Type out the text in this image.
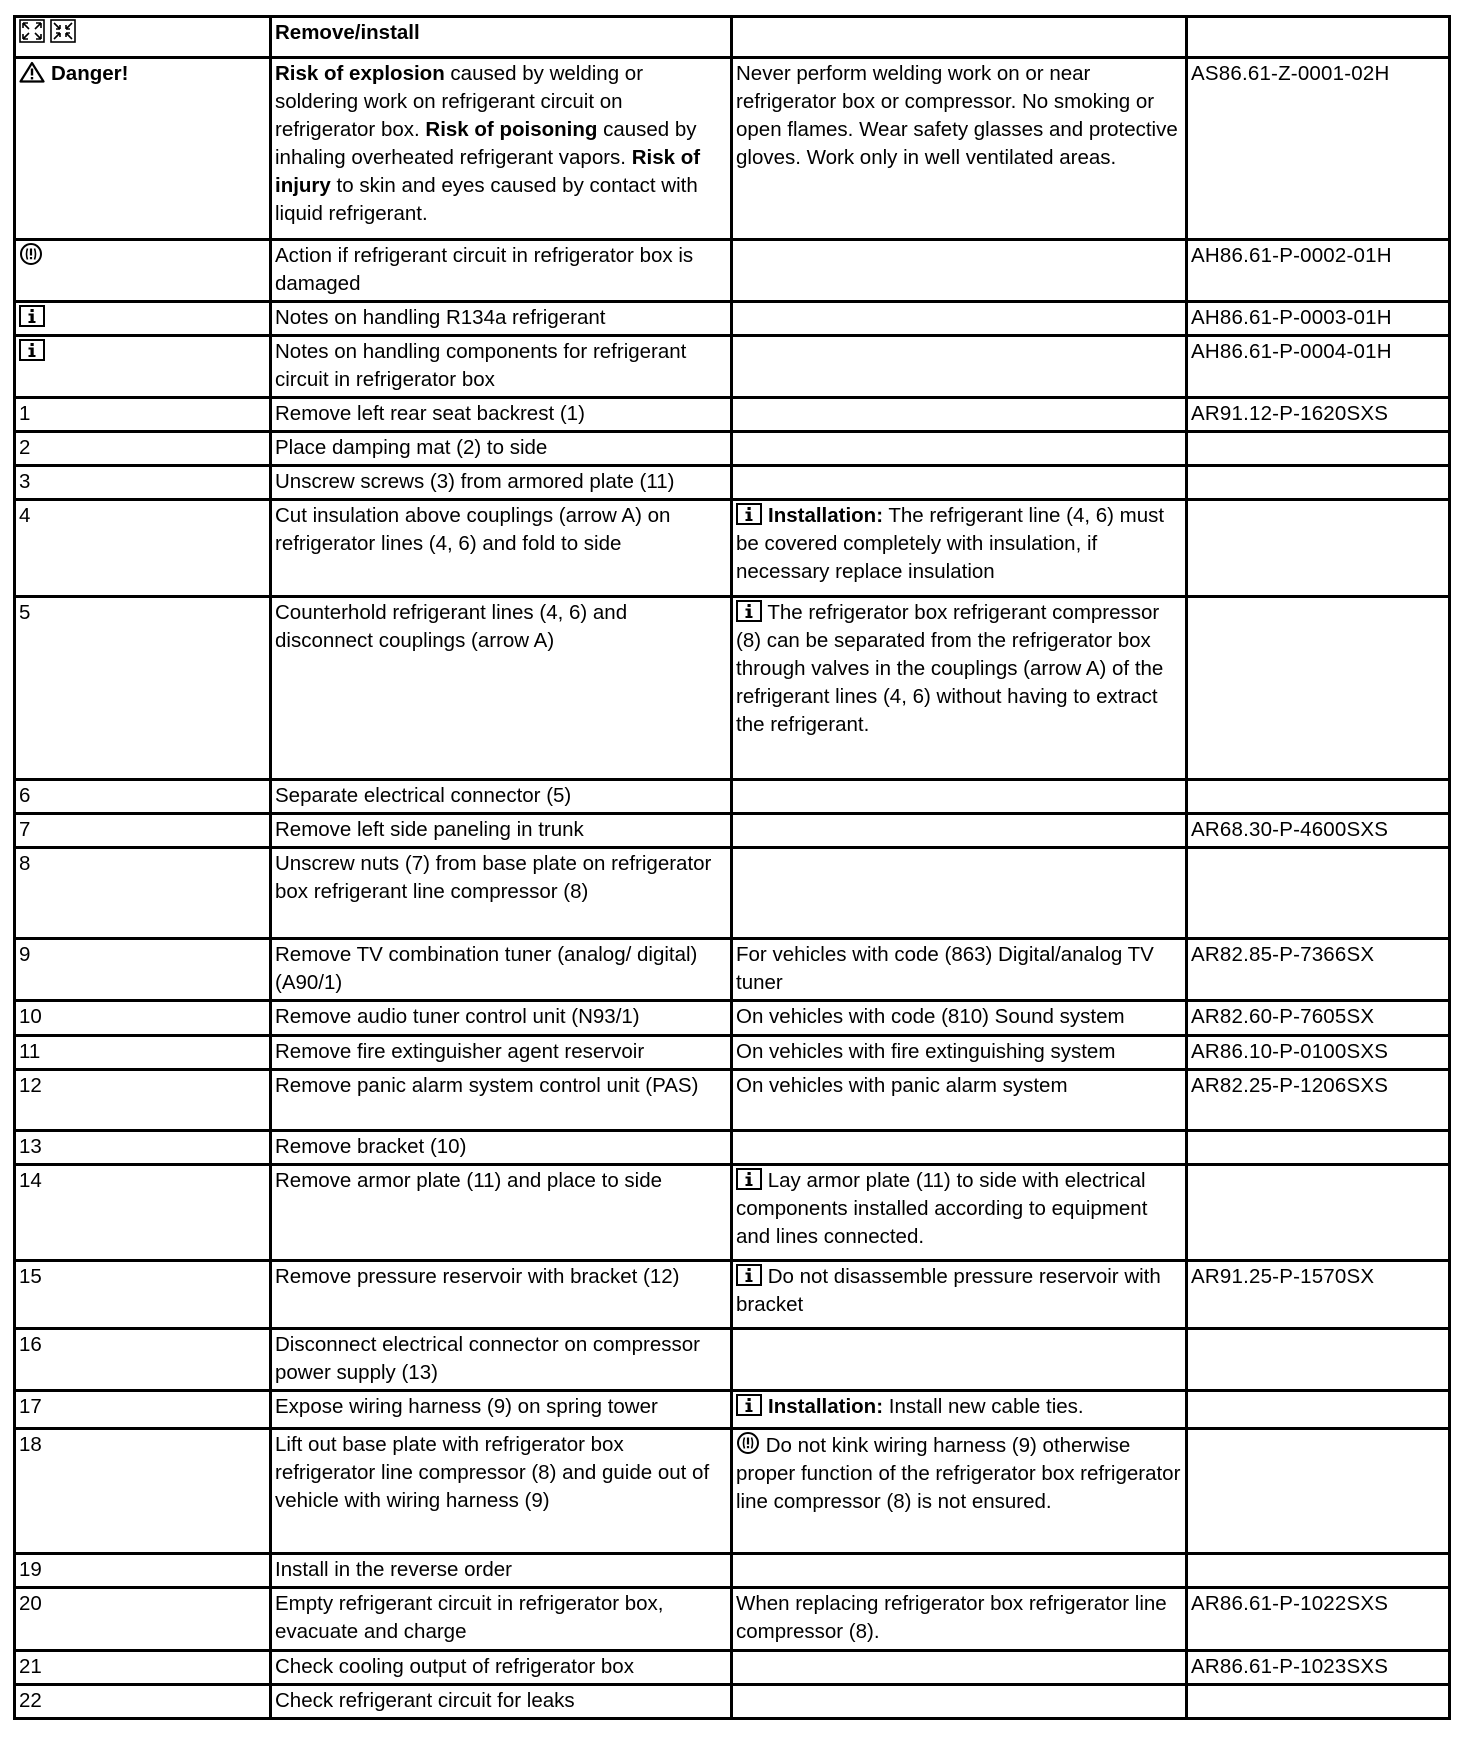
	Remove/install		
Danger!	Risk of explosion caused by welding or soldering work on refrigerant circuit on refrigerator box. Risk of poisoning caused by inhaling overheated refrigerant vapors. Risk of injury to skin and eyes caused by contact with liquid refrigerant.	Never perform welding work on or near refrigerator box or compressor. No smoking or open flames. Wear safety glasses and protective gloves. Work only in well ventilated areas.	AS86.61-Z-0001-02H
	Action if refrigerant circuit in refrigerator box is damaged		AH86.61-P-0002-01H
	Notes on handling R134a refrigerant		AH86.61-P-0003-01H
	Notes on handling components for refrigerant circuit in refrigerator box		AH86.61-P-0004-01H
1	Remove left rear seat backrest (1)		AR91.12-P-1620SXS
2	Place damping mat (2) to side		
3	Unscrew screws (3) from armored plate (11)		
4	Cut insulation above couplings (arrow A) on refrigerator lines (4, 6) and fold to side	Installation: The refrigerant line (4, 6) must be covered completely with insulation, if necessary replace insulation	
5	Counterhold refrigerant lines (4, 6) and disconnect couplings (arrow A)	The refrigerator box refrigerant compressor (8) can be separated from the refrigerator box through valves in the couplings (arrow A) of the refrigerant lines (4, 6) without having to extract the refrigerant.	
6	Separate electrical connector (5)		
7	Remove left side paneling in trunk		AR68.30-P-4600SXS
8	Unscrew nuts (7) from base plate on refrigerator box refrigerant line compressor (8)		
9	Remove TV combination tuner (analog/ digital) (A90/1)	For vehicles with code (863) Digital/analog TV tuner	AR82.85-P-7366SX
10	Remove audio tuner control unit (N93/1)	On vehicles with code (810) Sound system	AR82.60-P-7605SX
11	Remove fire extinguisher agent reservoir	On vehicles with fire extinguishing system	AR86.10-P-0100SXS
12	Remove panic alarm system control unit (PAS)	On vehicles with panic alarm system	AR82.25-P-1206SXS
13	Remove bracket (10)		
14	Remove armor plate (11) and place to side	Lay armor plate (11) to side with electrical components installed according to equipment and lines connected.	
15	Remove pressure reservoir with bracket (12)	Do not disassemble pressure reservoir with bracket	AR91.25-P-1570SX
16	Disconnect electrical connector on compressor power supply (13)		
17	Expose wiring harness (9) on spring tower	Installation: Install new cable ties.	
18	Lift out base plate with refrigerator box refrigerator line compressor (8) and guide out of vehicle with wiring harness (9)	Do not kink wiring harness (9) otherwise proper function of the refrigerator box refrigerator line compressor (8) is not ensured.	
19	Install in the reverse order		
20	Empty refrigerant circuit in refrigerator box, evacuate and charge	When replacing refrigerator box refrigerator line compressor (8).	AR86.61-P-1022SXS
21	Check cooling output of refrigerator box		AR86.61-P-1023SXS
22	Check refrigerant circuit for leaks		
